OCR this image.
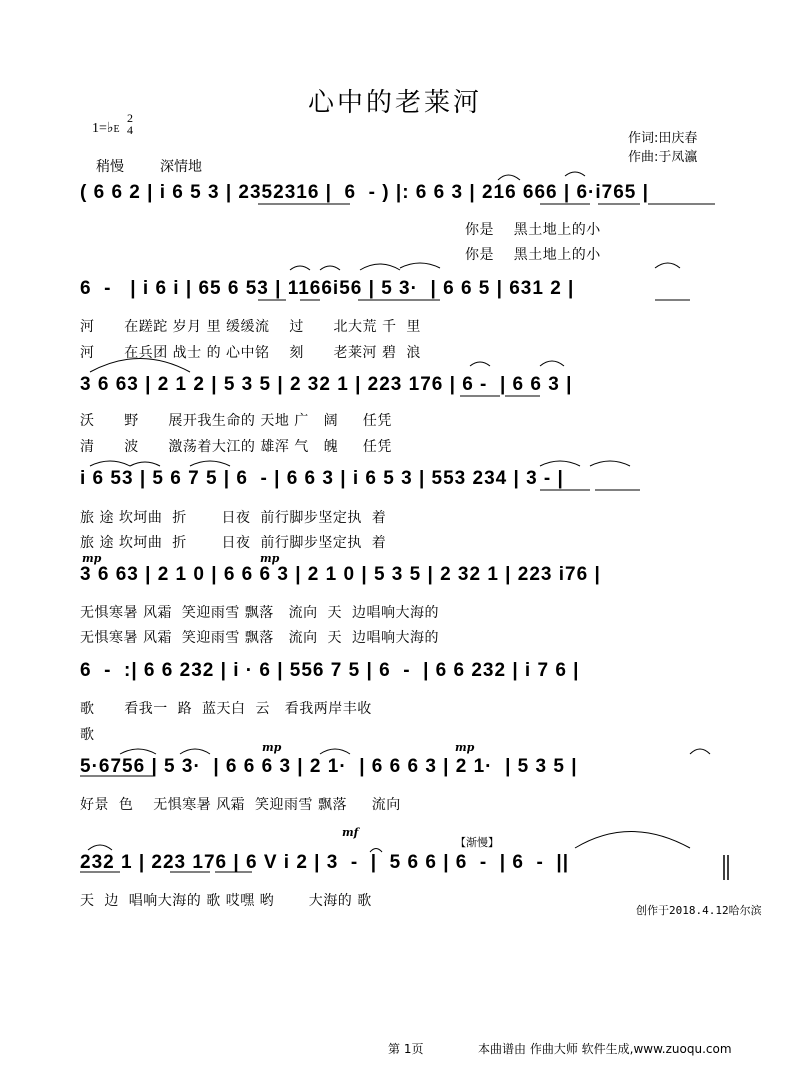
心中的老莱河
1=♭E
2
4
作词:田庆春
作曲:于凤瀛
稍慢	深情地
( 6 6 2 | i 6 5 3 | 2352316 |  6  - ) |: 6 6 3 | 216 666 | 6·i765 |
6  -   | i 6 i | 65 6 53 | 1166i56 | 5 3·  | 6 6 5 | 631 2 |
3 6 63 | 2 1 2 | 5 3 5 | 2 32 1 | 223 176 | 6 -  | 6 6 3 |
i 6 53 | 5 6 7 5 | 6  - | 6 6 3 | i 6 5 3 | 553 234 | 3 - |
3 6 63 | 2 1 0 | 6 6 6 3 | 2 1 0 | 5 3 5 | 2 32 1 | 223 i76 |
6  -  :| 6 6 232 | i · 6 | 556 7 5 | 6  -  | 6 6 232 | i 7 6 |
5·6756 | 5 3·  | 6 6 6 3 | 2 1·  | 6 6 6 3 | 2 1·  | 5 3 5 |
232 1 | 223 176 | 6 V i 2 | 3  -  |  5 6 6 | 6  -  | 6  -  ||
你是    黑土地上的小
你是    黑土地上的小
河      在蹉跎 岁月 里 缓缓流    过      北大荒 千  里
河      在兵团 战士 的 心中铭    刻      老莱河 碧  浪
沃      野      展开我生命的 天地 广   阔     任凭
清      波      激荡着大江的 雄浑 气   魄     任凭
旅 途 坎坷曲  折       日夜  前行脚步坚定执  着
旅 途 坎坷曲  折       日夜  前行脚步坚定执  着
无惧寒暑 风霜  笑迎雨雪 飘落   流向  天  边唱响大海的
无惧寒暑 风霜  笑迎雨雪 飘落   流向  天  边唱响大海的
歌      看我一  路  蓝天白  云   看我两岸丰收
歌
好景  色    无惧寒暑 风霜  笑迎雨雪 飘落     流向
天  边  唱响大海的 歌 哎嘿 哟       大海的 歌
mp	mp
mp	mp
mf
【渐慢】
创作于2018.4.12哈尔滨
第 1页	本曲谱由 作曲大师 软件生成,www.zuoqu.com
